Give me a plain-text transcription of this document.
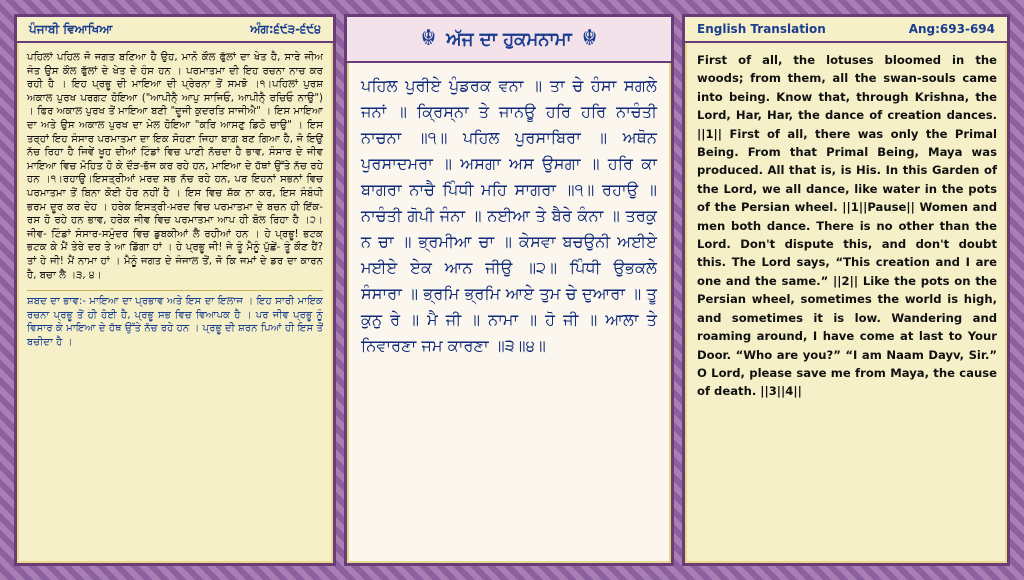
ਪੰਜਾਬੀ ਵਿਆਖਿਆ	ਅੰਗ:੬੯੩-੬੯੪
ਪਹਿਲਾਂ ਪਹਿਲ ਜੋ ਜਗਤ ਬਣਿਆ ਹੈ ਉਹ, ਮਾਨੋ ਕੌਲ ਫੁੱਲਾਂ ਦਾ ਖੇਤ ਹੈ, ਸਾਰੇ ਜੀਅ ਜੰਤ ਉਸ ਕੌਲ ਫੁੱਲਾਂ ਦੇ ਖੇਤ ਦੇ ਹੰਸ ਹਨ । ਪਰਮਾਤਮਾ ਦੀ ਇਹ ਰਚਨਾ ਨਾਚ ਕਰ ਰਹੀ ਹੈ । ਇਹ ਪ੍ਰਭੂ ਦੀ ਮਾਇਆ ਦੀ ਪ੍ਰੇਰਨਾ ਤੋਂ ਸਮਝੋ ।੧।ਪਹਿਲਾਂ ਪੁਰਸ਼ ਅਕਾਲ ਪੁਰਖ ਪਰਗਟ ਹੋਇਆ ("ਆਪੀਨੈ੍ ਆਪੁ ਸਾਜਿਓ, ਆਪੀਨੈ੍ ਰਚਿਓ ਨਾਉ") । ਫਿਰ ਅਕਾਲ ਪੁਰਖ ਤੋਂ ਮਾਇਆ ਬਣੀ "ਦੂਜੀ ਕੁਦਰਤਿ ਸਾਜੀਐ" । ਇਸ ਮਾਇਆ ਦਾ ਅਤੇ ਉਸ ਅਕਾਲ ਪੁਰਖ ਦਾ ਮੇਲ ਹੋਇਆ "ਕਰਿ ਆਸਣੁ ਡਿਠੋ ਚਾਉ" । ਇਸ ਤਰ੍ਹਾਂ ਇਹ ਸੰਸਾਰ ਪਰਮਾਤਮਾ ਦਾ ਇਕ ਸੋਹਣਾ ਜਿਹਾ ਬਾਗ਼ ਬਣ ਗਿਆ ਹੈ, ਜੋ ਇਉਂ ਨੱਚ ਰਿਹਾ ਹੈ ਜਿਵੇਂ ਖੂਹ ਦੀਆਂ ਟਿੰਡਾਂ ਵਿਚ ਪਾਣੀ ਨੱਚਦਾ ਹੈ ਭਾਵ, ਸੰਸਾਰ ਦੇ ਜੀਵ ਮਾਇਆ ਵਿਚ ਮੋਹਿਤ ਹੋ ਕੇ ਦੌੜ-ਭੱਜ ਕਰ ਰਹੇ ਹਨ, ਮਾਇਆ ਦੇ ਹੱਥਾਂ ਉੱਤੇ ਨੱਚ ਰਹੇ ਹਨ ।੧।ਰਹਾਉ।ਇਸਤ੍ਰੀਆਂ ਮਰਦ ਸਭ ਨੱਚ ਰਹੇ ਹਨ, ਪਰ ਇਹਨਾਂ ਸਭਨਾਂ ਵਿਚ ਪਰਮਾਤਮਾ ਤੋਂ ਬਿਨਾ ਕੋਈ ਹੋਰ ਨਹੀਂ ਹੈ । ਇਸ ਵਿਚ ਸ਼ੱਕ ਨਾ ਕਰ, ਇਸ ਸੰਬੰਧੀ ਭਰਮ ਦੂਰ ਕਰ ਦੇਹ । ਹਰੇਕ ਇਸਤ੍ਰੀ-ਮਰਦ ਵਿਚ ਪਰਮਾਤਮਾ ਦੇ ਬਚਨ ਹੀ ਇੱਕ-ਰਸ ਹੋ ਰਹੇ ਹਨ ਭਾਵ, ਹਰੇਕ ਜੀਵ ਵਿਚ ਪਰਮਾਤਮਾ ਆਪ ਹੀ ਬੋਲ ਰਿਹਾ ਹੈ ।੨।ਜੀਵ- ਟਿੰਡਾਂ ਸੰਸਾਰ-ਸਮੁੰਦਰ ਵਿਚ ਡੁਬਕੀਆਂ ਲੈ ਰਹੀਆਂ ਹਨ । ਹੇ ਪ੍ਰਭੂ! ਭਟਕ ਭਟਕ ਕੇ ਮੈਂ ਤੇਰੇ ਦਰ ਤੇ ਆ ਡਿੱਗਾ ਹਾਂ । ਹੇ ਪ੍ਰਭੂ ਜੀ! ਜੇ ਤੂੰ ਮੈਨੂੰ ਪੁੱਛੇਂ- ਤੂੰ ਕੌਣ ਹੈਂ? ਤਾਂ ਹੇ ਜੀ! ਮੈਂ ਨਾਮਾ ਹਾਂ । ਮੈਨੂੰ ਜਗਤ ਦੇ ਜੰਜਾਲ ਤੋਂ, ਜੋ ਕਿ ਜਮਾਂ ਦੇ ਡਰ ਦਾ ਕਾਰਨ ਹੈ, ਬਚਾ ਲੈ ।੩, ੪।
ਸ਼ਬਦ ਦਾ ਭਾਵ:- ਮਾਇਆ ਦਾ ਪ੍ਰਭਾਵ ਅਤੇ ਇਸ ਦਾ ਇਲਾਜ । ਇਹ ਸਾਰੀ ਮਾਇਕ ਰਚਨਾ ਪ੍ਰਭੂ ਤੋਂ ਹੀ ਹੋਈ ਹੈ, ਪ੍ਰਭੂ ਸਭ ਵਿਚ ਵਿਆਪਕ ਹੈ । ਪਰ ਜੀਵ ਪ੍ਰਭੂ ਨੂੰ ਵਿਸਾਰ ਕੇ ਮਾਇਆ ਦੇ ਹੱਥ ਉੱਤੇ ਨੱਚ ਰਹੇ ਹਨ । ਪ੍ਰਭੂ ਦੀ ਸ਼ਰਨ ਪਿਆਂ ਹੀ ਇਸ ਤੋਂ ਬਚੀਦਾ ਹੈ ।
☬ ਅੱਜ ਦਾ ਹੁਕਮਨਾਮਾ ☬
ਪਹਿਲ ਪੁਰੀਏ ਪੁੰਡਰਕ ਵਨਾ ॥ ਤਾ ਚੇ ਹੰਸਾ ਸਗਲੇ ਜਨਾਂ ॥ ਕ੍ਰਿਸ੍ਨਾ ਤੇ ਜਾਨਊ ਹਰਿ ਹਰਿ ਨਾਚੰਤੀ ਨਾਚਨਾ ॥੧॥ ਪਹਿਲ ਪੁਰਸਾਬਿਰਾ ॥ ਅਥੋਨ ਪੁਰਸਾਦਮਰਾ ॥ ਅਸਗਾ ਅਸ ਉਸਗਾ ॥ ਹਰਿ ਕਾ ਬਾਗਰਾ ਨਾਚੈ ਪਿੰਧੀ ਮਹਿ ਸਾਗਰਾ ॥੧॥ ਰਹਾਉ ॥ ਨਾਚੰਤੀ ਗੋਪੀ ਜੰਨਾ ॥ ਨਈਆ ਤੇ ਬੈਰੇ ਕੰਨਾ ॥ ਤਰਕੁ ਨ ਚਾ ॥ ਭ੍ਰਮੀਆ ਚਾ ॥ ਕੇਸਵਾ ਬਚਉਨੀ ਅਈਏ ਮਈਏ ਏਕ ਆਨ ਜੀਉ ॥੨॥ ਪਿੰਧੀ ਉਭਕਲੇ ਸੰਸਾਰਾ ॥ ਭ੍ਰਮਿ ਭ੍ਰਮਿ ਆਏ ਤੁਮ ਚੇ ਦੁਆਰਾ ॥ ਤੂ ਕੁਨੁ ਰੇ ॥ ਮੈ ਜੀ ॥ ਨਾਮਾ ॥ ਹੋ ਜੀ ॥ ਆਲਾ ਤੇ ਨਿਵਾਰਣਾ ਜਮ ਕਾਰਣਾ ॥੩॥੪॥
English Translation	Ang:693-694
First of all, the lotuses bloomed in the woods; from them, all the swan-souls came into being. Know that, through Krishna, the Lord, Har, Har, the dance of creation dances. ||1|| First of all, there was only the Primal Being. From that Primal Being, Maya was produced. All that is, is His. In this Garden of the Lord, we all dance, like water in the pots of the Persian wheel. ||1||Pause|| Women and men both dance. There is no other than the Lord. Don't dispute this, and don't doubt this. The Lord says, “This creation and I are one and the same.” ||2|| Like the pots on the Persian wheel, sometimes the world is high, and sometimes it is low. Wandering and roaming around, I have come at last to Your Door. “Who are you?” “I am Naam Dayv, Sir.” O Lord, please save me from Maya, the cause of death. ||3||4||
